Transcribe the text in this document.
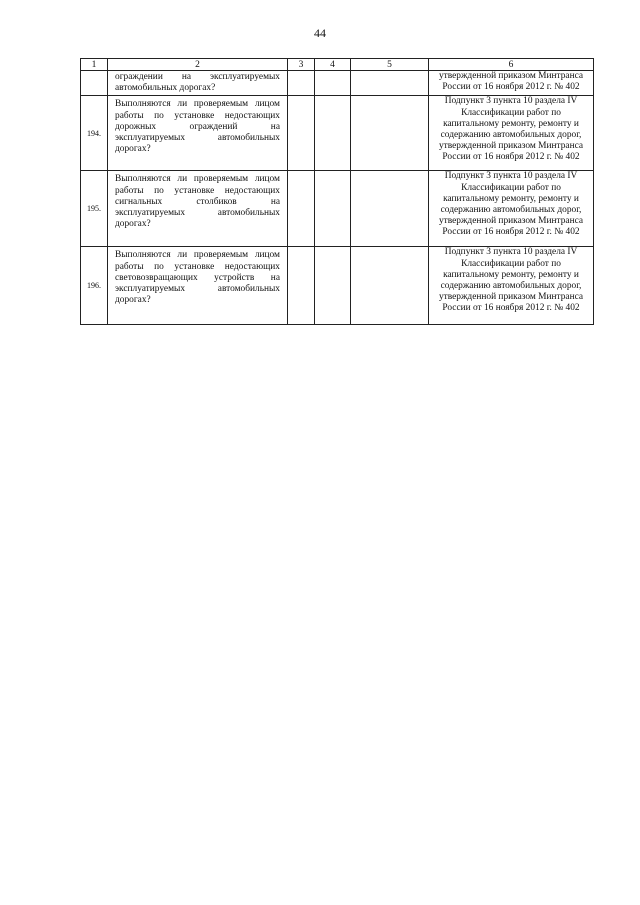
44
1	2	3	4	5	6
	ограждении на эксплуатируемых автомобильных дорогах?				утвержденной приказом Минтранса России от 16 ноября 2012 г. № 402
194.	Выполняются ли проверяемым лицом работы по установке недостающих дорожных ограждений на эксплуатируемых автомобильных дорогах?				Подпункт 3 пункта 10 раздела IV Классификации работ по капитальному ремонту, ремонту и содержанию автомобильных дорог, утвержденной приказом Минтранса России от 16 ноября 2012 г. № 402
195.	Выполняются ли проверяемым лицом работы по установке недостающих сигнальных столбиков на эксплуатируемых автомобильных дорогах?				Подпункт 3 пункта 10 раздела IV Классификации работ по капитальному ремонту, ремонту и содержанию автомобильных дорог, утвержденной приказом Минтранса России от 16 ноября 2012 г. № 402
196.	Выполняются ли проверяемым лицом работы по установке недостающих световозвращающих устройств на эксплуатируемых автомобильных дорогах?				Подпункт 3 пункта 10 раздела IV Классификации работ по капитальному ремонту, ремонту и содержанию автомобильных дорог, утвержденной приказом Минтранса России от 16 ноября 2012 г. № 402
